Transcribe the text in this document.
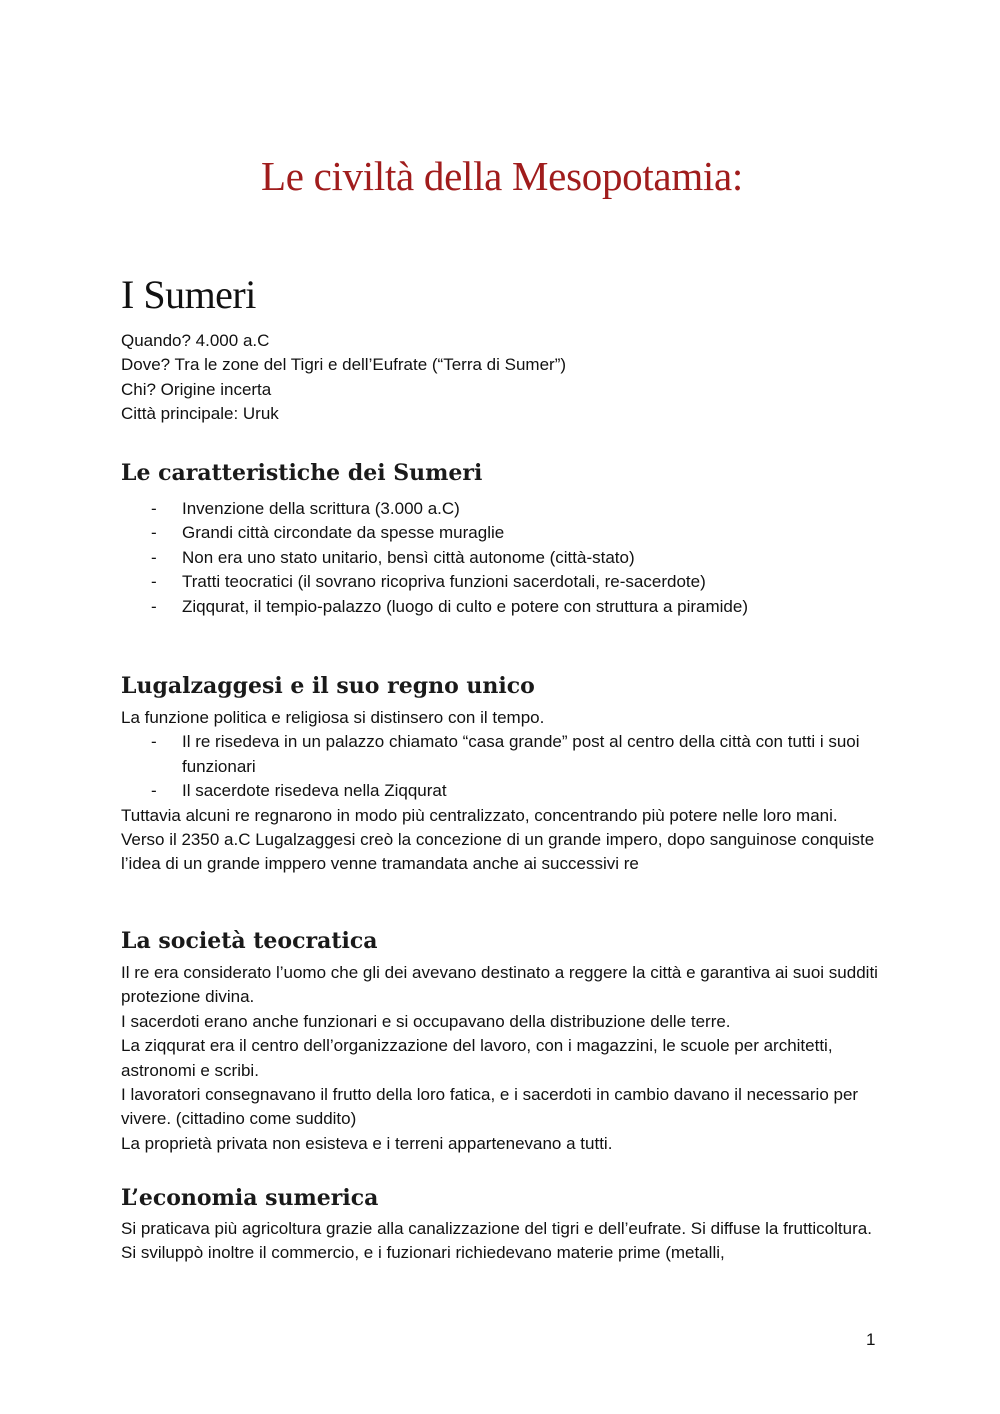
Le civiltà della Mesopotamia:
I Sumeri

Quando? 4.000 a.C

Dove? Tra le zone del Tigri e dell’Eufrate (“Terra di Sumer”)

Chi? Origine incerta

Città principale: Uruk

Le caratteristiche dei Sumeri
- Invenzione della scrittura (3.000 a.C)
- Grandi città circondate da spesse muraglie
- Non era uno stato unitario, bensì città autonome (città-stato)
- Tratti teocratici (il sovrano ricopriva funzioni sacerdotali, re-sacerdote)
- Ziqqurat, il tempio-palazzo (luogo di culto e potere con struttura a piramide)
Lugalzaggesi e il suo regno unico

La funzione politica e religiosa si distinsero con il tempo.

- Il re risedeva in un palazzo chiamato “casa grande” post al centro della città con tutti i suoi funzionari
- Il sacerdote risedeva nella Ziqqurat

Tuttavia alcuni re regnarono in modo più centralizzato, concentrando più potere nelle loro mani.

Verso il 2350 a.C Lugalzaggesi creò la concezione di un grande impero, dopo sanguinose conquiste l’idea di un grande imppero venne tramandata anche ai successivi re

La società teocratica

Il re era considerato l’uomo che gli dei avevano destinato a reggere la città e garantiva ai suoi sudditi protezione divina.

I sacerdoti erano anche funzionari e si occupavano della distribuzione delle terre.

La ziqqurat era il centro dell’organizzazione del lavoro, con i magazzini, le scuole per architetti, astronomi e scribi.

I lavoratori consegnavano il frutto della loro fatica, e i sacerdoti in cambio davano il necessario per vivere. (cittadino come suddito)

La proprietà privata non esisteva e i terreni appartenevano a tutti.

L’economia sumerica

Si praticava più agricoltura grazie alla canalizzazione del tigri e dell’eufrate. Si diffuse la frutticoltura. Si sviluppò inoltre il commercio, e i fuzionari richiedevano materie prime (metalli,

1
